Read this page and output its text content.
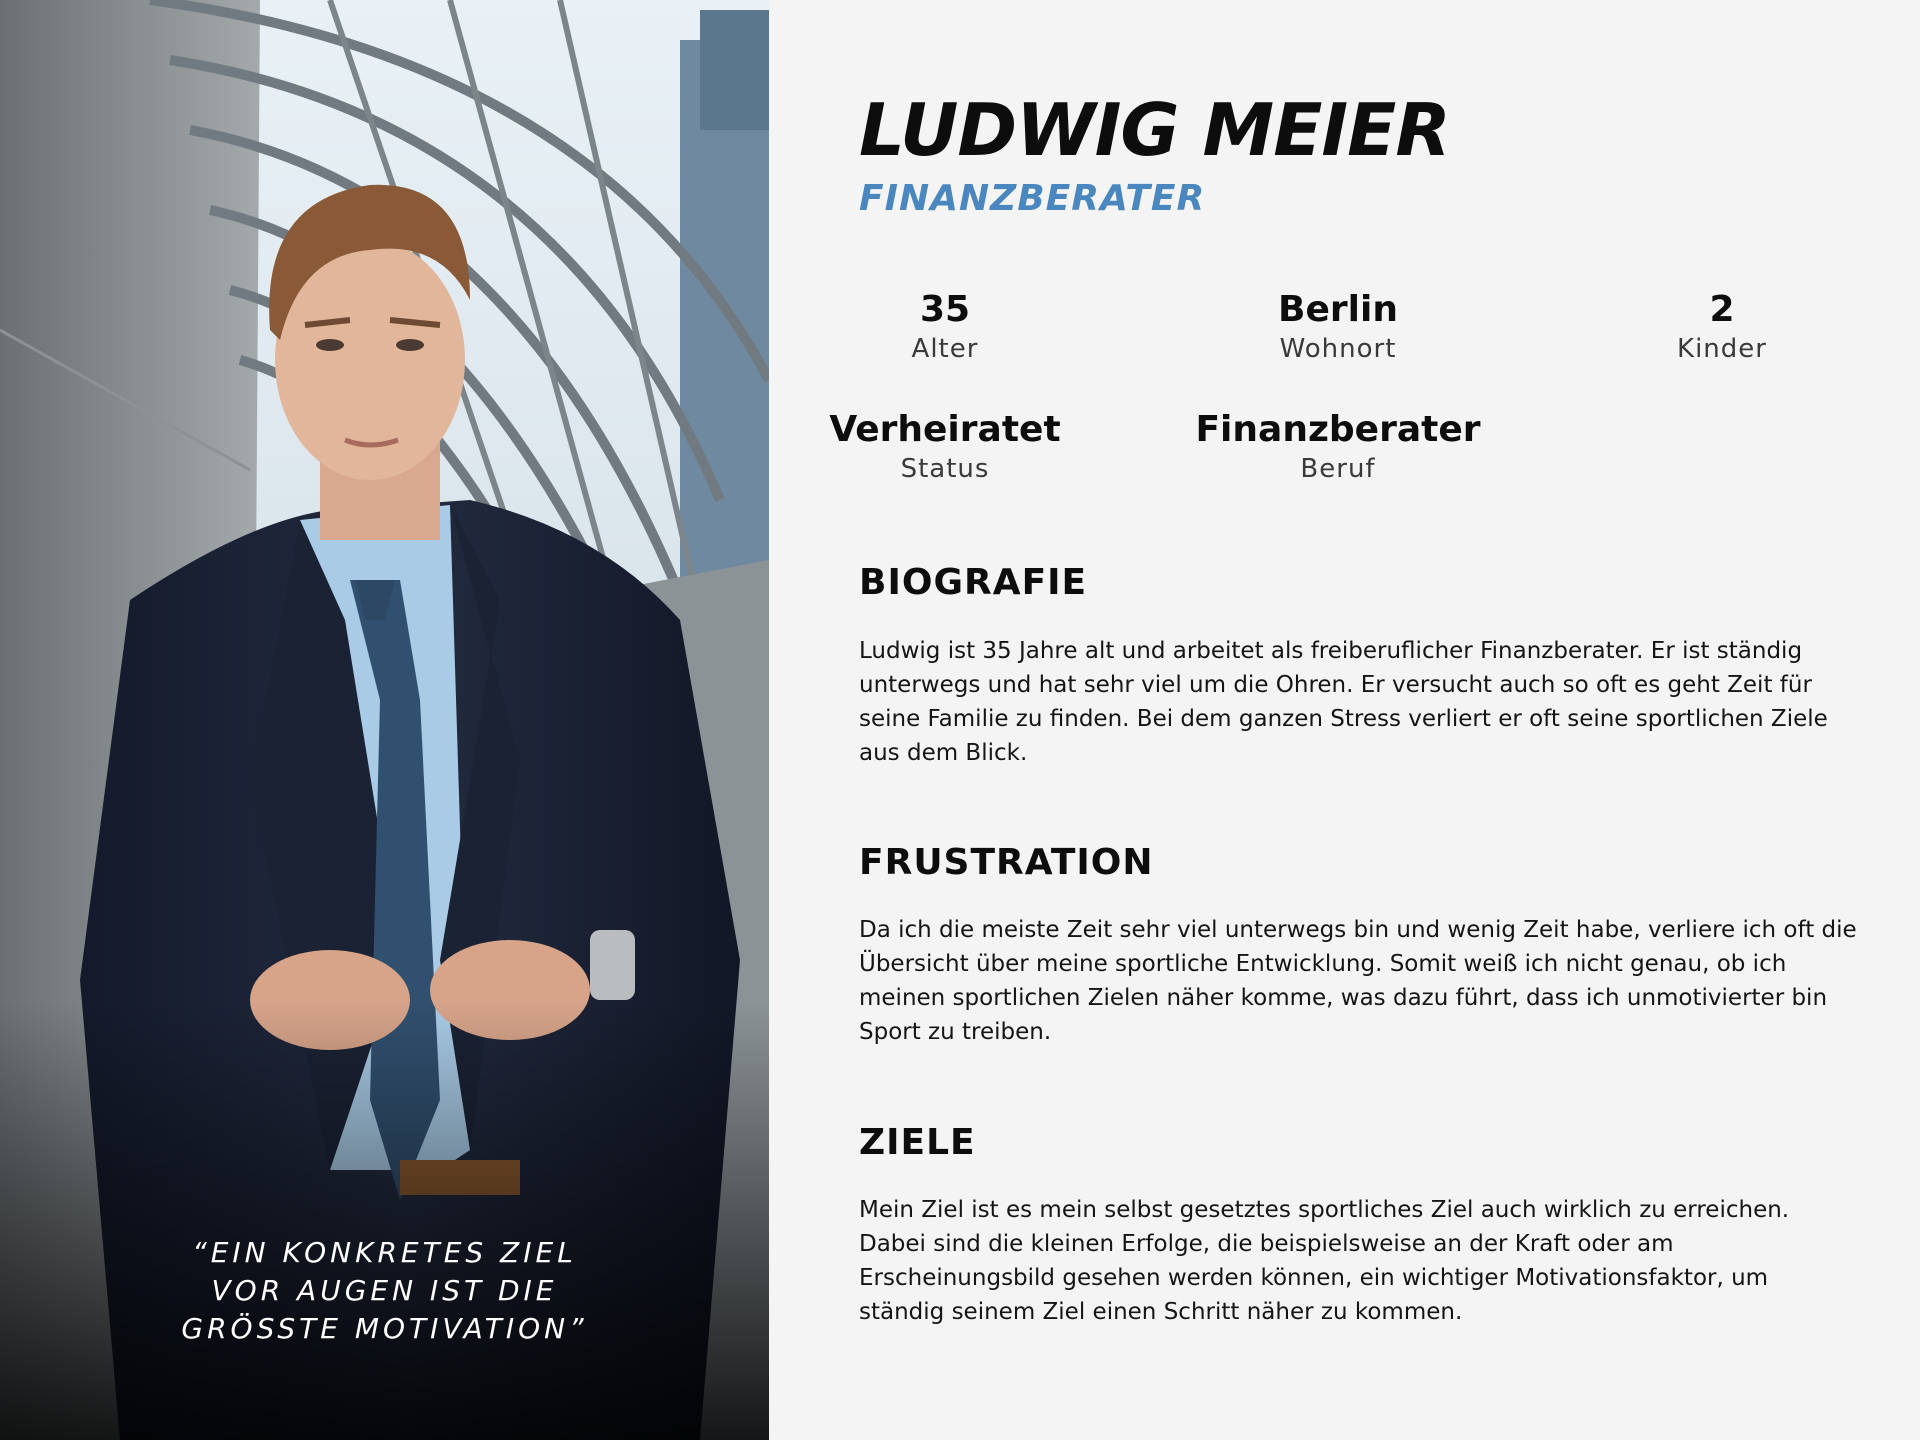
“EIN KONKRETES ZIEL
VOR AUGEN IST DIE
GRÖSSTE MOTIVATION”
LUDWIG MEIER
FINANZBERATER
35
Alter
Berlin
Wohnort
2
Kinder
Verheiratet
Status
Finanzberater
Beruf
BIOGRAFIE

Ludwig ist 35 Jahre alt und arbeitet als freiberuflicher Finanzberater. Er ist ständig unterwegs und hat sehr viel um die Ohren. Er versucht auch so oft es geht Zeit für seine Familie zu finden. Bei dem ganzen Stress verliert er oft seine sportlichen Ziele aus dem Blick.

FRUSTRATION

Da ich die meiste Zeit sehr viel unterwegs bin und wenig Zeit habe, verliere ich oft die Übersicht über meine sportliche Entwicklung. Somit weiß ich nicht genau, ob ich meinen sportlichen Zielen näher komme, was dazu führt, dass ich unmotivierter bin Sport zu treiben.

ZIELE

Mein Ziel ist es mein selbst gesetztes sportliches Ziel auch wirklich zu erreichen. Dabei sind die kleinen Erfolge, die beispielsweise an der Kraft oder am Erscheinungsbild gesehen werden können, ein wichtiger Motivationsfaktor, um ständig seinem Ziel einen Schritt näher zu kommen.
